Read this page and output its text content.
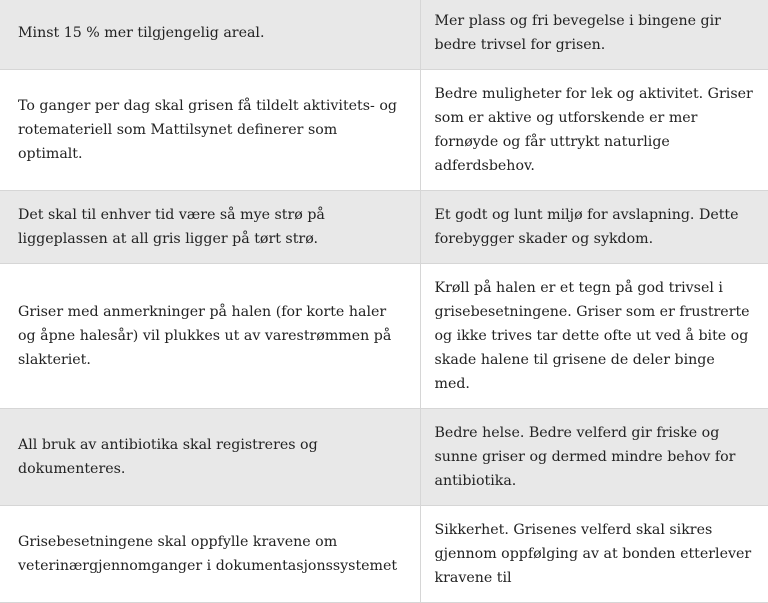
Minst 15 % mer tilgjengelig areal.	Mer plass og fri bevegelse i bingene gir bedre trivsel for grisen.
To ganger per dag skal grisen få tildelt aktivitets- og rotemateriell som Mattilsynet definerer som optimalt.	Bedre muligheter for lek og aktivitet. Griser som er aktive og utforskende er mer fornøyde og får uttrykt naturlige adferdsbehov.
Det skal til enhver tid være så mye strø på liggeplassen at all gris ligger på tørt strø.	Et godt og lunt miljø for avslapning. Dette forebygger skader og sykdom.
Griser med anmerkninger på halen (for korte haler og åpne halesår) vil plukkes ut av varestrømmen på slakteriet.	Krøll på halen er et tegn på god trivsel i grisebesetningene. Griser som er frustrerte og ikke trives tar dette ofte ut ved å bite og skade halene til grisene de deler binge med.
All bruk av antibiotika skal registreres og dokumenteres.	Bedre helse. Bedre velferd gir friske og sunne griser og dermed mindre behov for antibiotika.
Grisebesetningene skal oppfylle kravene om veterinærgjennomganger i dokumentasjonssystemet	Sikkerhet. Grisenes velferd skal sikres gjennom oppfølging av at bonden etterlever kravene til
